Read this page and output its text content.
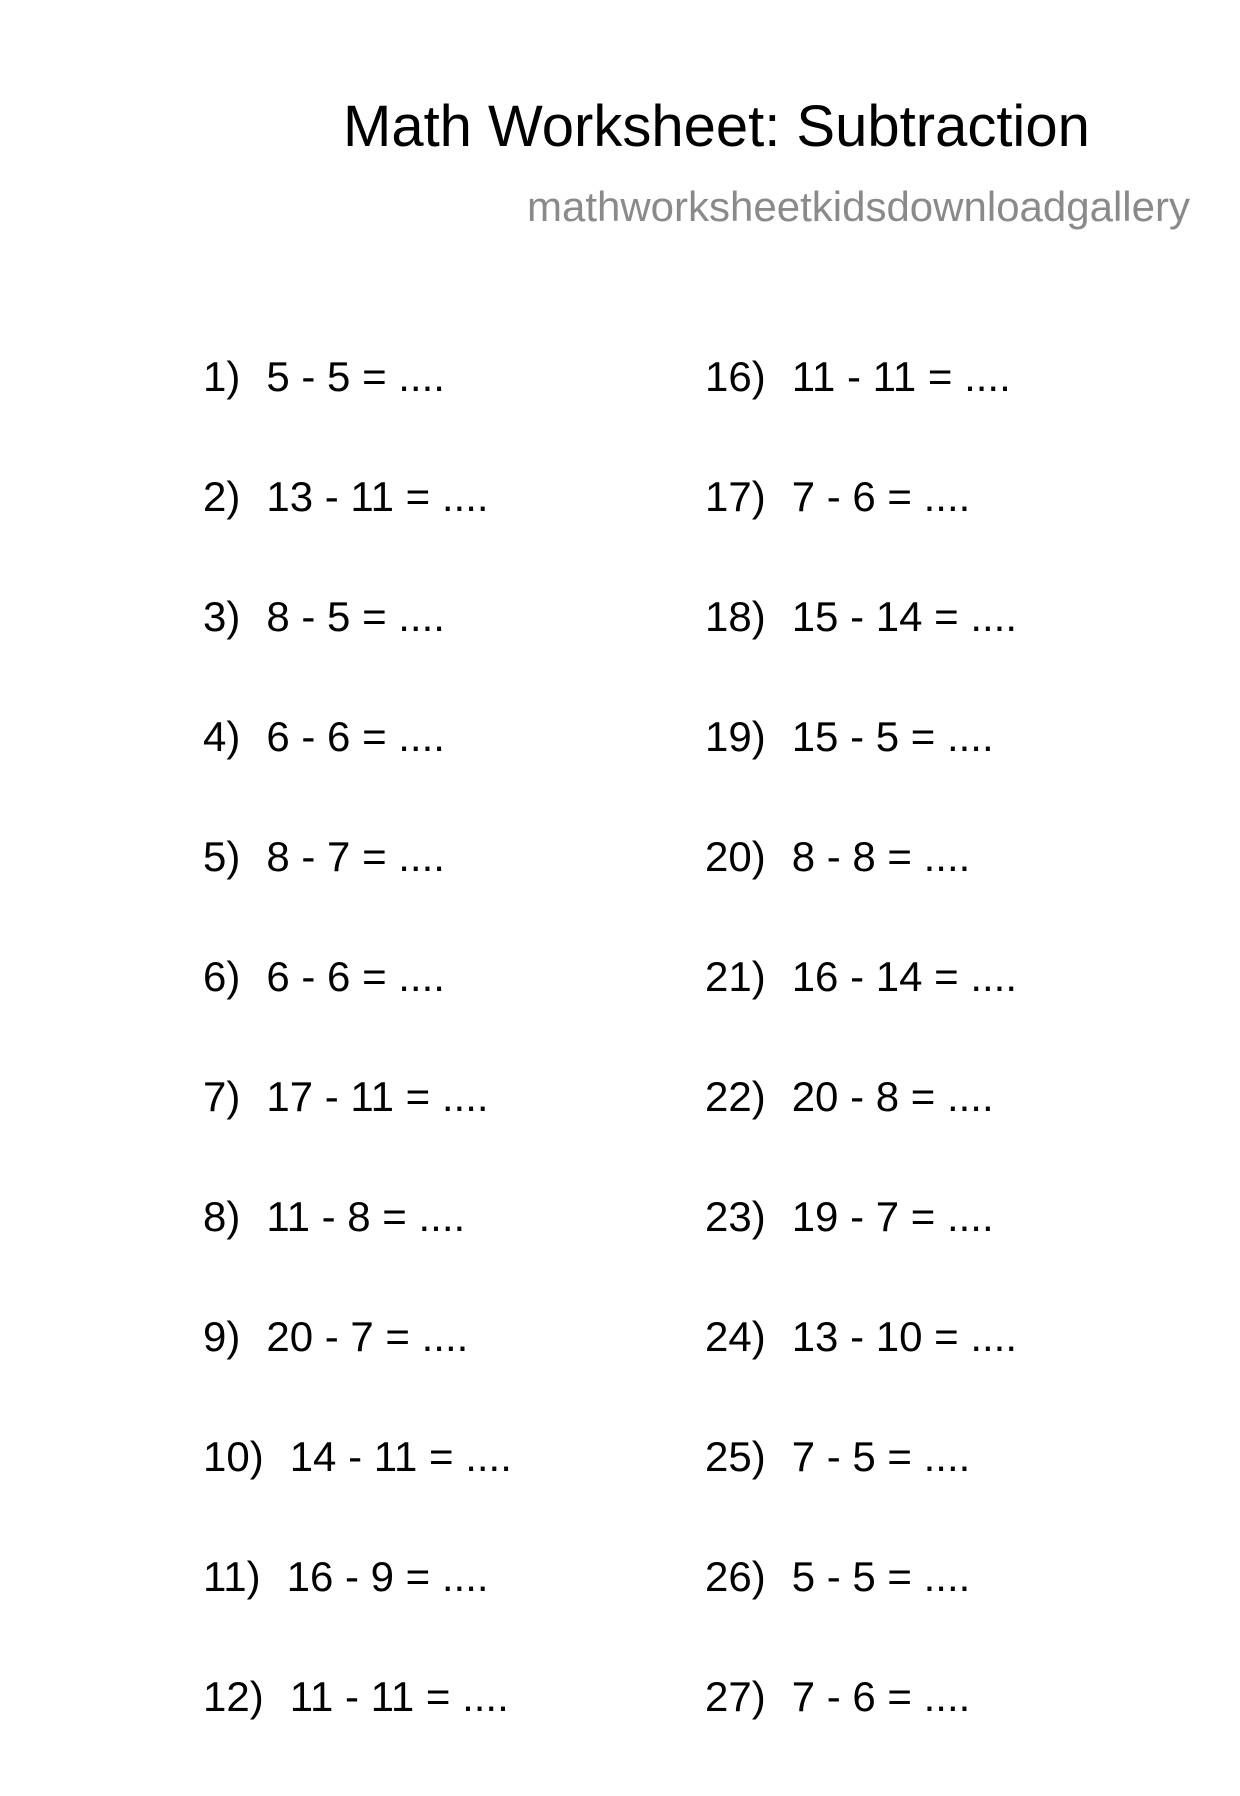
Math Worksheet: Subtraction
mathworksheetkidsdownloadgallery
1) 5 - 5 = ....
2) 13 - 11 = ....
3) 8 - 5 = ....
4) 6 - 6 = ....
5) 8 - 7 = ....
6) 6 - 6 = ....
7) 17 - 11 = ....
8) 11 - 8 = ....
9) 20 - 7 = ....
10) 14 - 11 = ....
11) 16 - 9 = ....
12) 11 - 11 = ....
16) 11 - 11 = ....
17) 7 - 6 = ....
18) 15 - 14 = ....
19) 15 - 5 = ....
20) 8 - 8 = ....
21) 16 - 14 = ....
22) 20 - 8 = ....
23) 19 - 7 = ....
24) 13 - 10 = ....
25) 7 - 5 = ....
26) 5 - 5 = ....
27) 7 - 6 = ....
